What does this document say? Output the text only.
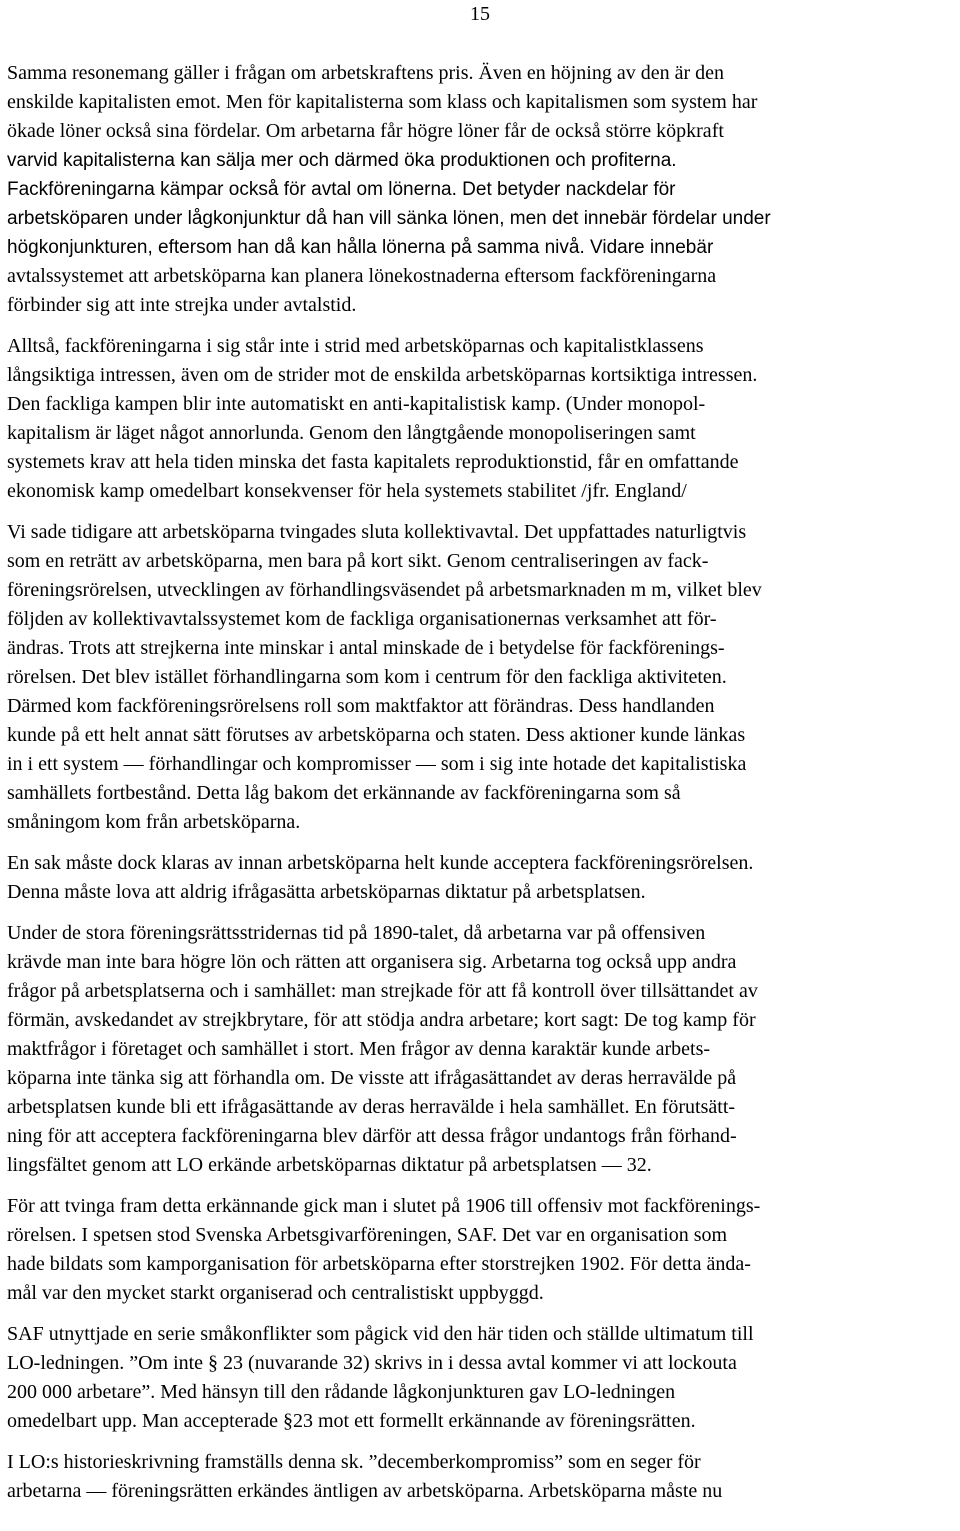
15
Samma resonemang gäller i frågan om arbetskraftens pris. Även en höjning av den är den
enskilde kapitalisten emot. Men för kapitalisterna som klass och kapitalismen som system har
ökade löner också sina fördelar. Om arbetarna får högre löner får de också större köpkraft
varvid kapitalisterna kan sälja mer och därmed öka produktionen och profiterna.
Fackföreningarna kämpar också för avtal om lönerna. Det betyder nackdelar för
arbetsköparen under lågkonjunktur då han vill sänka lönen, men det innebär fördelar under
högkonjunkturen, eftersom han då kan hålla lönerna på samma nivå. Vidare innebär
avtalssystemet att arbetsköparna kan planera lönekostnaderna eftersom fackföreningarna
förbinder sig att inte strejka under avtalstid.
Alltså, fackföreningarna i sig står inte i strid med arbetsköparnas och kapitalistklassens
långsiktiga intressen, även om de strider mot de enskilda arbetsköparnas kortsiktiga intressen.
Den fackliga kampen blir inte automatiskt en anti-kapitalistisk kamp. (Under monopol-
kapitalism är läget något annorlunda. Genom den långtgående monopoliseringen samt
systemets krav att hela tiden minska det fasta kapitalets reproduktionstid, får en omfattande
ekonomisk kamp omedelbart konsekvenser för hela systemets stabilitet /jfr. England/
Vi sade tidigare att arbetsköparna tvingades sluta kollektivavtal. Det uppfattades naturligtvis
som en reträtt av arbetsköparna, men bara på kort sikt. Genom centraliseringen av fack-
föreningsrörelsen, utvecklingen av förhandlingsväsendet på arbetsmarknaden m m, vilket blev
följden av kollektivavtalssystemet kom de fackliga organisationernas verksamhet att för-
ändras. Trots att strejkerna inte minskar i antal minskade de i betydelse för fackförenings-
rörelsen. Det blev istället förhandlingarna som kom i centrum för den fackliga aktiviteten.
Därmed kom fackföreningsrörelsens roll som maktfaktor att förändras. Dess handlanden
kunde på ett helt annat sätt förutses av arbetsköparna och staten. Dess aktioner kunde länkas
in i ett system — förhandlingar och kompromisser — som i sig inte hotade det kapitalistiska
samhällets fortbestånd. Detta låg bakom det erkännande av fackföreningarna som så
småningom kom från arbetsköparna.
En sak måste dock klaras av innan arbetsköparna helt kunde acceptera fackföreningsrörelsen.
Denna måste lova att aldrig ifrågasätta arbetsköparnas diktatur på arbetsplatsen.
Under de stora föreningsrättsstridernas tid på 1890-talet, då arbetarna var på offensiven
krävde man inte bara högre lön och rätten att organisera sig. Arbetarna tog också upp andra
frågor på arbetsplatserna och i samhället: man strejkade för att få kontroll över tillsättandet av
förmän, avskedandet av strejkbrytare, för att stödja andra arbetare; kort sagt: De tog kamp för
maktfrågor i företaget och samhället i stort. Men frågor av denna karaktär kunde arbets-
köparna inte tänka sig att förhandla om. De visste att ifrågasättandet av deras herravälde på
arbetsplatsen kunde bli ett ifrågasättande av deras herravälde i hela samhället. En förutsätt-
ning för att acceptera fackföreningarna blev därför att dessa frågor undantogs från förhand-
lingsfältet genom att LO erkände arbetsköparnas diktatur på arbetsplatsen — 32.
För att tvinga fram detta erkännande gick man i slutet på 1906 till offensiv mot fackförenings-
rörelsen. I spetsen stod Svenska Arbetsgivarföreningen, SAF. Det var en organisation som
hade bildats som kamporganisation för arbetsköparna efter storstrejken 1902. För detta ända-
mål var den mycket starkt organiserad och centralistiskt uppbyggd.
SAF utnyttjade en serie småkonflikter som pågick vid den här tiden och ställde ultimatum till
LO-ledningen. ”Om inte § 23 (nuvarande 32) skrivs in i dessa avtal kommer vi att lockouta
200 000 arbetare”. Med hänsyn till den rådande lågkonjunkturen gav LO-ledningen
omedelbart upp. Man accepterade §23 mot ett formellt erkännande av föreningsrätten.
I LO:s historieskrivning framställs denna sk. ”decemberkompromiss” som en seger för
arbetarna — föreningsrätten erkändes äntligen av arbetsköparna. Arbetsköparna måste nu
